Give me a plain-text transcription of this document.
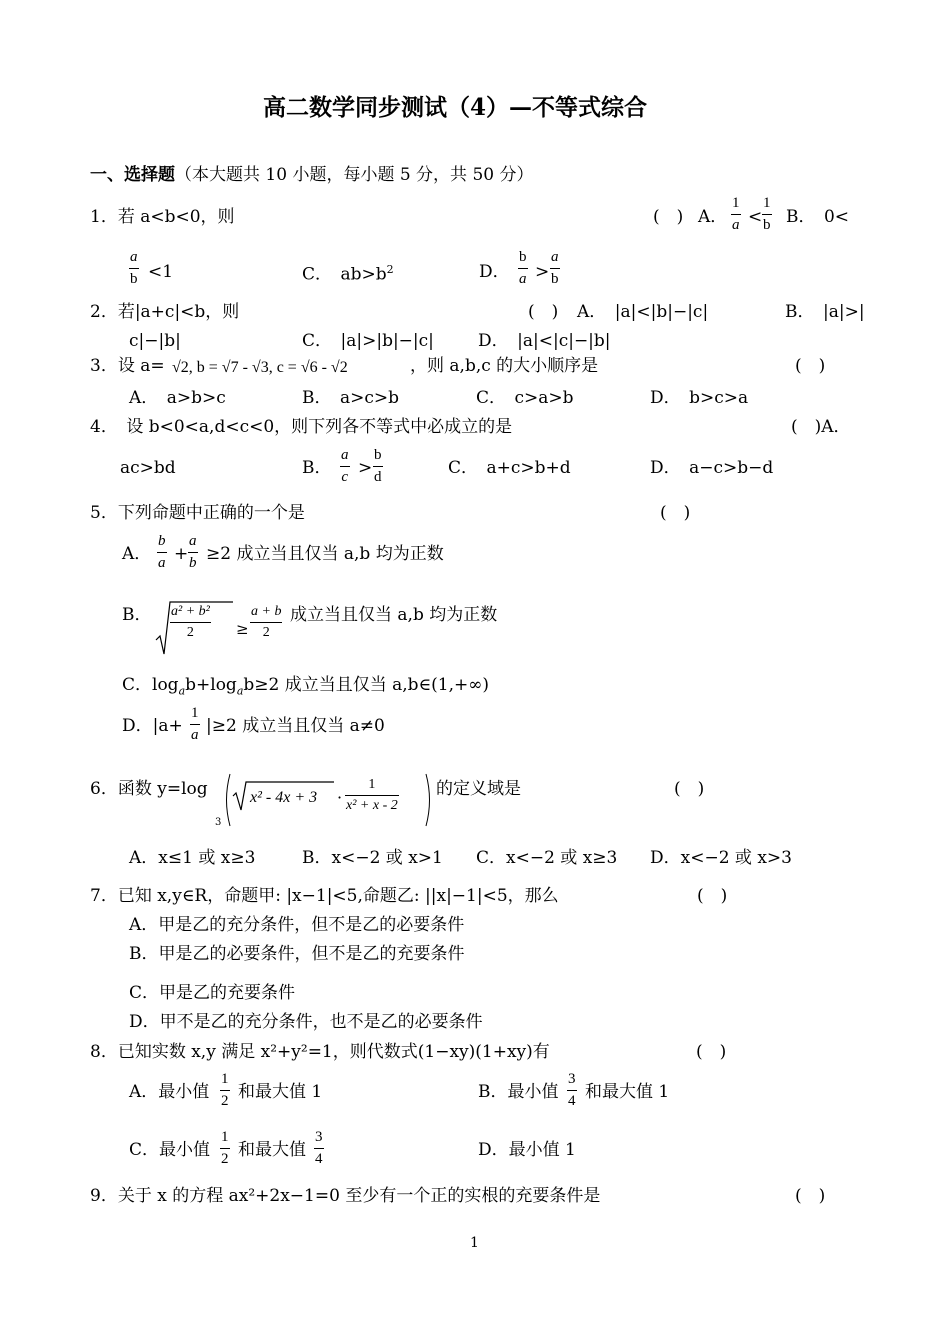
高二数学同步测试（4）—不等式综合
一、选择题（本大题共 10 小题，每小题 5 分，共 50 分）
1．若 a<b<0，则	(　) A．
1
a <
1
b B．　0<
a
b <1	C．　$ab>b^2$	D．
b
a >
a
b
2．若|a+c|<b，则	(　) A．　|a|<|b|−|c|	B．　|a|>|
c|−|b|	C．　|a|>|b|−|c|	D．　|a|<|c|−|b|
3．设 a= √2, b = √7 - √3, c = √6 - √2	，则 a,b,c 的大小顺序是	(　)
A．　a>b>c	B．　a>c>b	C．　c>a>b	D．　b>c>a
4．　设 b<0<a,d<c<0，则下列各不等式中必成立的是	(　)A．
ac>bd	B．
a
c >
b
d	C．　a+c>b+d	D．　a−c>b−d
5．下列命题中正确的一个是	(　)
A．
b
a +
a
b ≥2 成立当且仅当 a,b 均为正数
B． a² + b²
2	≥
a + b
2
成立当且仅当 a,b 均为正数
C．$\log_ab+\log_ab\ge 2$ 成立当且仅当 a,b∈(1,+∞)
D．|a+
1
a |≥2 成立当且仅当 a≠0
6．函数 y=log
3
x² - 4x + 3 ·
1
x² + x - 2
的定义域是	(　)
A．x≤1 或 x≥3	B．x<−2 或 x>1 C．x<−2 或 x≥3 D．x<−2 或 x>3
7．已知 x,y∈R，命题甲: |x−1|<5,命题乙: ||x|−1|<5，那么	(　)
A．甲是乙的充分条件，但不是乙的必要条件
B．甲是乙的必要条件，但不是乙的充要条件
C．甲是乙的充要条件
D．甲不是乙的充分条件，也不是乙的必要条件
8．已知实数 x,y 满足 x²+y²=1，则代数式(1−xy)(1+xy)有	(　)
A．最小值
1
2 和最大值 1	B．最小值
3
4 和最大值 1
C．最小值
1
2 和最大值
3
4	D．最小值 1
9．关于 x 的方程 ax²+2x−1=0 至少有一个正的实根的充要条件是	(　)
1
